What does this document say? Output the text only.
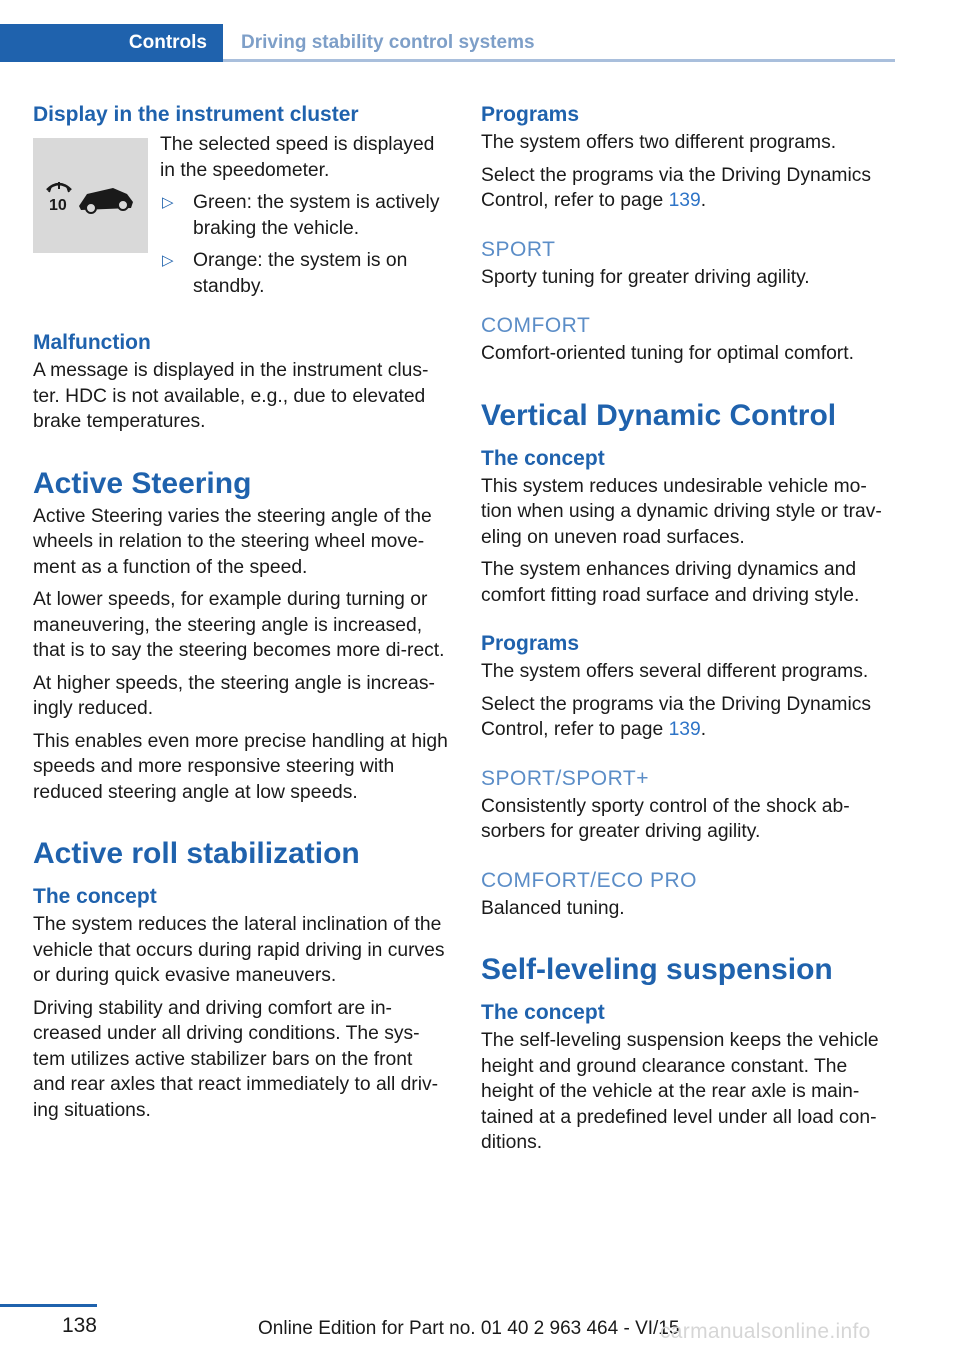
Controls	Driving stability control systems
Display in the instrument cluster
10

The selected speed is displayed in the speedometer.

▷	Green: the system is actively braking the vehicle.
▷	Orange: the system is on standby.
Malfunction

A message is displayed in the instrument clus‐ter. HDC is not available, e.g., due to elevated brake temperatures.

Active Steering

Active Steering varies the steering angle of the wheels in relation to the steering wheel move‐ment as a function of the speed.

At lower speeds, for example during turning or maneuvering, the steering angle is increased, that is to say the steering becomes more di‐rect.

At higher speeds, the steering angle is increas‐ingly reduced.

This enables even more precise handling at high speeds and more responsive steering with reduced steering angle at low speeds.

Active roll stabilization
The concept

The system reduces the lateral inclination of the vehicle that occurs during rapid driving in curves or during quick evasive maneuvers.

Driving stability and driving comfort are in‐creased under all driving conditions. The sys‐tem utilizes active stabilizer bars on the front and rear axles that react immediately to all driv‐ing situations.

Programs

The system offers two different programs.

Select the programs via the Driving Dynamics Control, refer to page 139.

SPORT

Sporty tuning for greater driving agility.

COMFORT

Comfort-oriented tuning for optimal comfort.

Vertical Dynamic Control
The concept

This system reduces undesirable vehicle mo‐tion when using a dynamic driving style or trav‐eling on uneven road surfaces.

The system enhances driving dynamics and comfort fitting road surface and driving style.

Programs

The system offers several different programs.

Select the programs via the Driving Dynamics Control, refer to page 139.

SPORT/SPORT+

Consistently sporty control of the shock ab‐sorbers for greater driving agility.

COMFORT/ECO PRO

Balanced tuning.

Self-leveling suspension
The concept

The self-leveling suspension keeps the vehicle height and ground clearance constant. The height of the vehicle at the rear axle is main‐tained at a predefined level under all load con‐ditions.

138	Online Edition for Part no. 01 40 2 963 464 - VI/15
carmanualsonline.info
